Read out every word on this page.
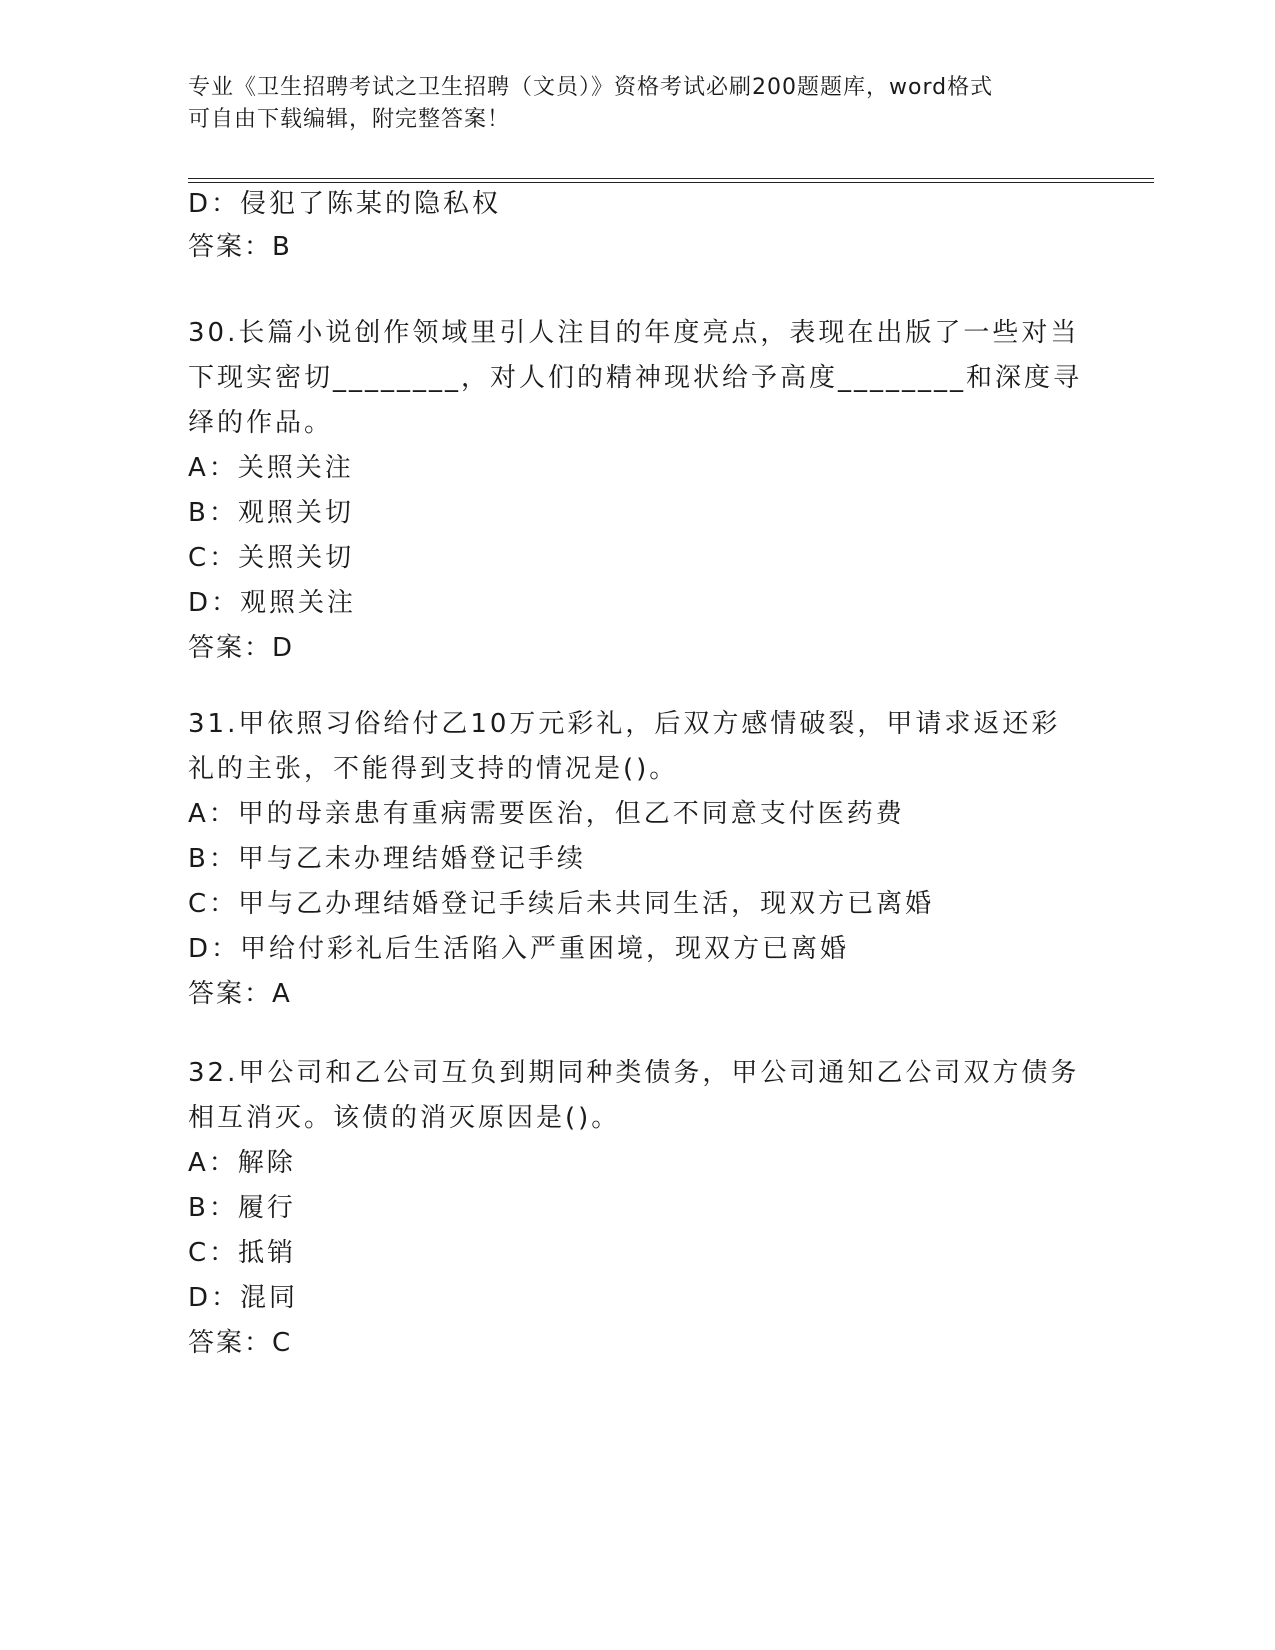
专业《卫生招聘考试之卫生招聘（文员）》资格考试必刷200题题库，word格式
可自由下载编辑，附完整答案！
D：侵犯了陈某的隐私权
答案：B
30.长篇小说创作领域里引人注目的年度亮点，表现在出版了一些对当
下现实密切________，对人们的精神现状给予高度________和深度寻
绎的作品。
A：关照关注
B：观照关切
C：关照关切
D：观照关注
答案：D
31.甲依照习俗给付乙10万元彩礼，后双方感情破裂，甲请求返还彩
礼的主张，不能得到支持的情况是()。
A：甲的母亲患有重病需要医治，但乙不同意支付医药费
B：甲与乙未办理结婚登记手续
C：甲与乙办理结婚登记手续后未共同生活，现双方已离婚
D：甲给付彩礼后生活陷入严重困境，现双方已离婚
答案：A
32.甲公司和乙公司互负到期同种类债务，甲公司通知乙公司双方债务
相互消灭。该债的消灭原因是()。
A：解除
B：履行
C：抵销
D：混同
答案：C
